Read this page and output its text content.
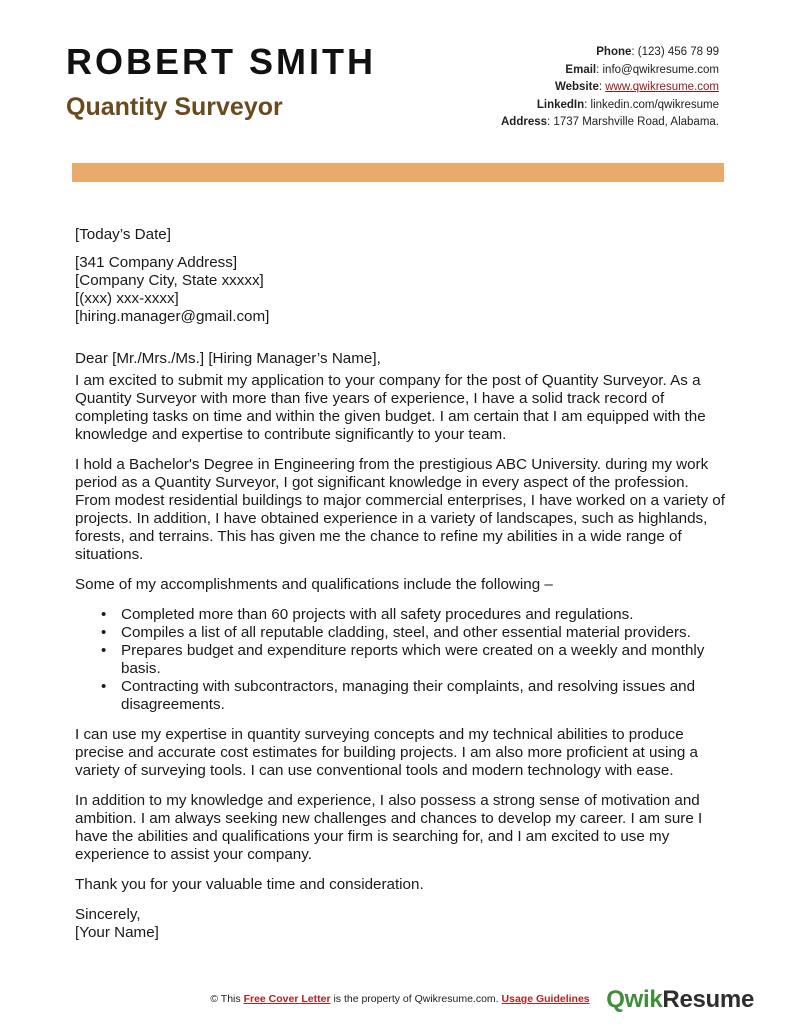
ROBERT SMITH
Quantity Surveyor
Phone: (123) 456 78 99
Email: info@qwikresume.com
Website: www.qwikresume.com
LinkedIn: linkedin.com/qwikresume
Address: 1737 Marshville Road, Alabama.

[Today’s Date]

[341 Company Address]

[Company City, State xxxxx]

[(xxx) xxx-xxxx]

[hiring.manager@gmail.com]

Dear [Mr./Mrs./Ms.] [Hiring Manager’s Name],

I am excited to submit my application to your company for the post of Quantity Surveyor. As a Quantity Surveyor with more than five years of experience, I have a solid track record of completing tasks on time and within the given budget. I am certain that I am equipped with the knowledge and expertise to contribute significantly to your team.

I hold a Bachelor's Degree in Engineering from the prestigious ABC University. during my work period as a Quantity Surveyor, I got significant knowledge in every aspect of the profession. From modest residential buildings to major commercial enterprises, I have worked on a variety of projects. In addition, I have obtained experience in a variety of landscapes, such as highlands, forests, and terrains. This has given me the chance to refine my abilities in a wide range of situations.

Some of my accomplishments and qualifications include the following –

• Completed more than 60 projects with all safety procedures and regulations.
• Compiles a list of all reputable cladding, steel, and other essential material providers.
• Prepares budget and expenditure reports which were created on a weekly and monthly basis.
• Contracting with subcontractors, managing their complaints, and resolving issues and disagreements.

I can use my expertise in quantity surveying concepts and my technical abilities to produce precise and accurate cost estimates for building projects. I am also more proficient at using a variety of surveying tools. I can use conventional tools and modern technology with ease.

In addition to my knowledge and experience, I also possess a strong sense of motivation and ambition. I am always seeking new challenges and chances to develop my career. I am sure I have the abilities and qualifications your firm is searching for, and I am excited to use my experience to assist your company.

Thank you for your valuable time and consideration.

Sincerely,

[Your Name]

© This Free Cover Letter is the property of Qwikresume.com. Usage Guidelines QwikResume
